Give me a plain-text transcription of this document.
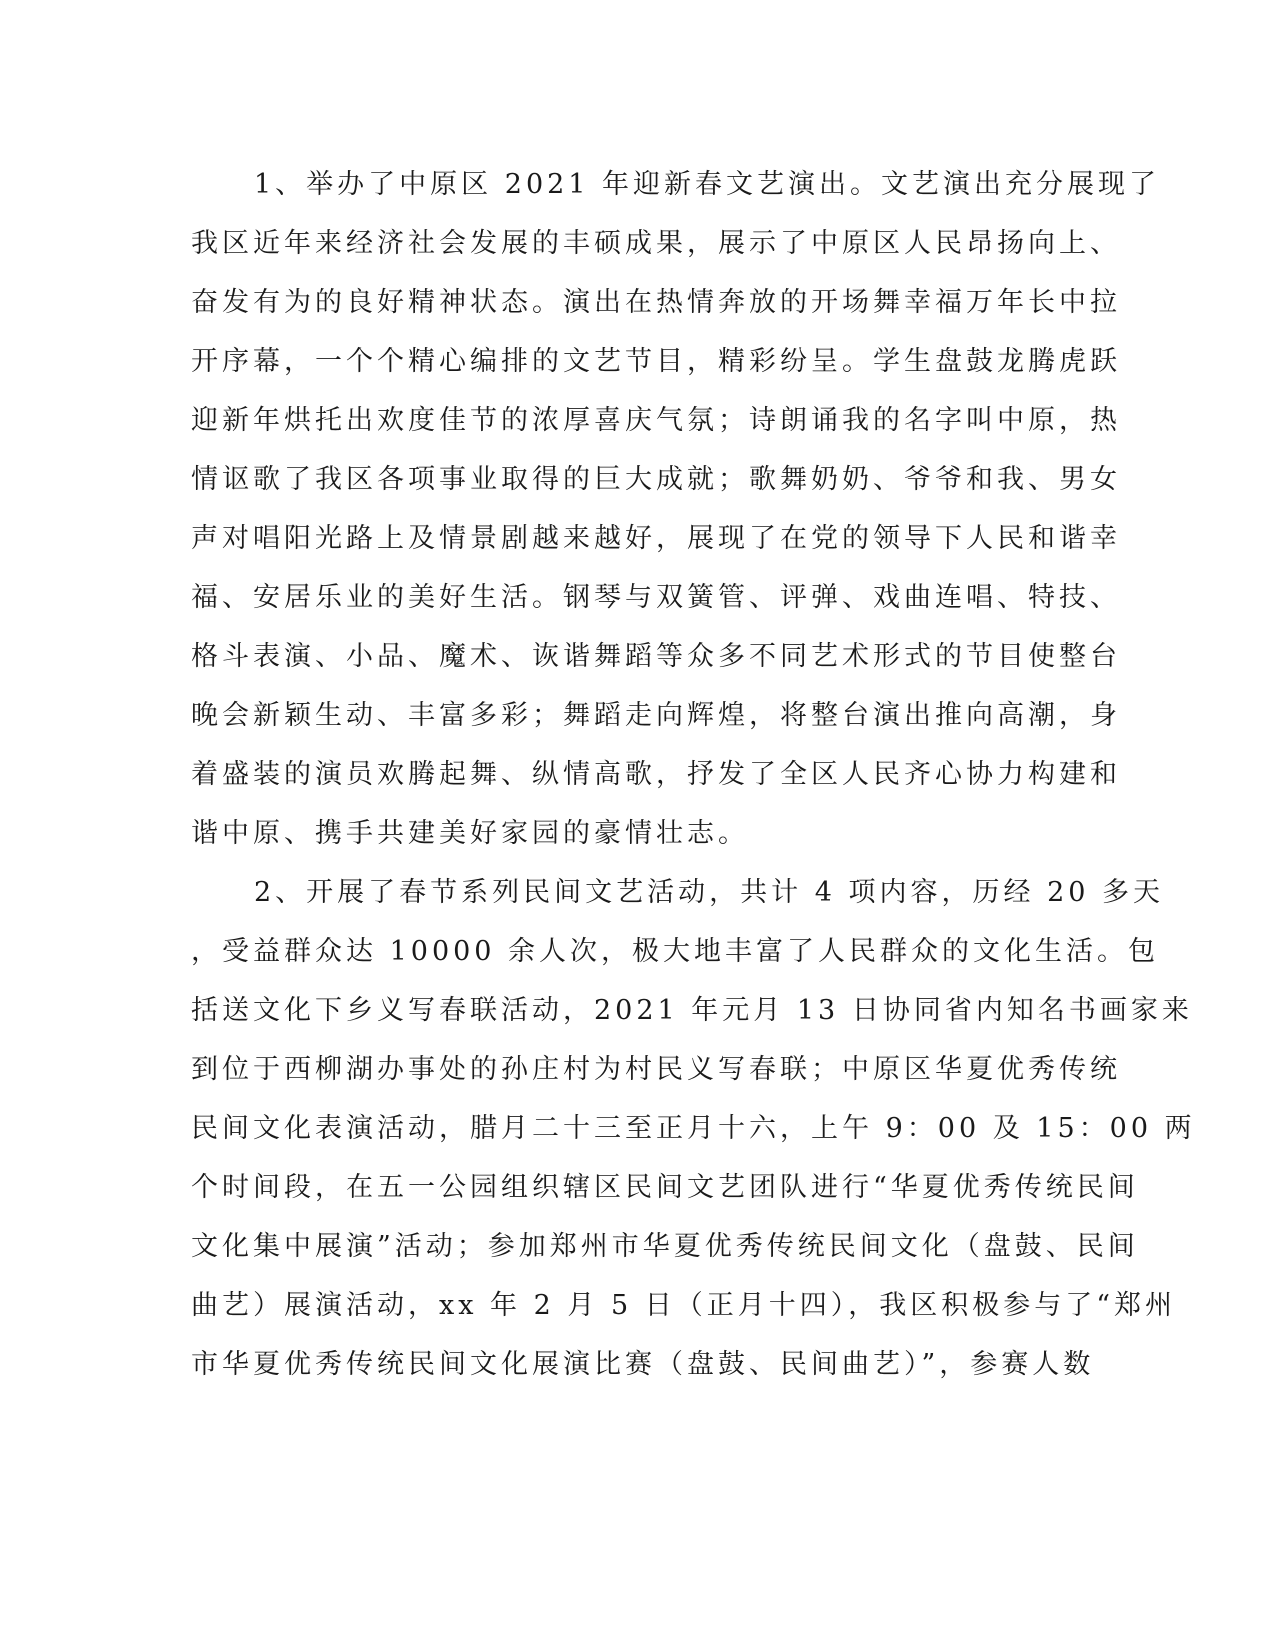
1、举办了中原区 2021 年迎新春文艺演出。文艺演出充分展现了

我区近年来经济社会发展的丰硕成果，展示了中原区人民昂扬向上、

奋发有为的良好精神状态。演出在热情奔放的开场舞幸福万年长中拉

开序幕，一个个精心编排的文艺节目，精彩纷呈。学生盘鼓龙腾虎跃

迎新年烘托出欢度佳节的浓厚喜庆气氛；诗朗诵我的名字叫中原，热

情讴歌了我区各项事业取得的巨大成就；歌舞奶奶、爷爷和我、男女

声对唱阳光路上及情景剧越来越好，展现了在党的领导下人民和谐幸

福、安居乐业的美好生活。钢琴与双簧管、评弹、戏曲连唱、特技、

格斗表演、小品、魔术、诙谐舞蹈等众多不同艺术形式的节目使整台

晚会新颖生动、丰富多彩；舞蹈走向辉煌，将整台演出推向高潮，身

着盛装的演员欢腾起舞、纵情高歌，抒发了全区人民齐心协力构建和

谐中原、携手共建美好家园的豪情壮志。

2、开展了春节系列民间文艺活动，共计 4 项内容，历经 20 多天

，受益群众达 10000 余人次，极大地丰富了人民群众的文化生活。包

括送文化下乡义写春联活动，2021 年元月 13 日协同省内知名书画家来

到位于西柳湖办事处的孙庄村为村民义写春联；中原区华夏优秀传统

民间文化表演活动，腊月二十三至正月十六，上午 9：00 及 15：00 两

个时间段，在五一公园组织辖区民间文艺团队进行“华夏优秀传统民间

文化集中展演”活动；参加郑州市华夏优秀传统民间文化（盘鼓、民间

曲艺）展演活动，xx 年 2 月 5 日（正月十四），我区积极参与了“郑州

市华夏优秀传统民间文化展演比赛（盘鼓、民间曲艺）”，参赛人数
